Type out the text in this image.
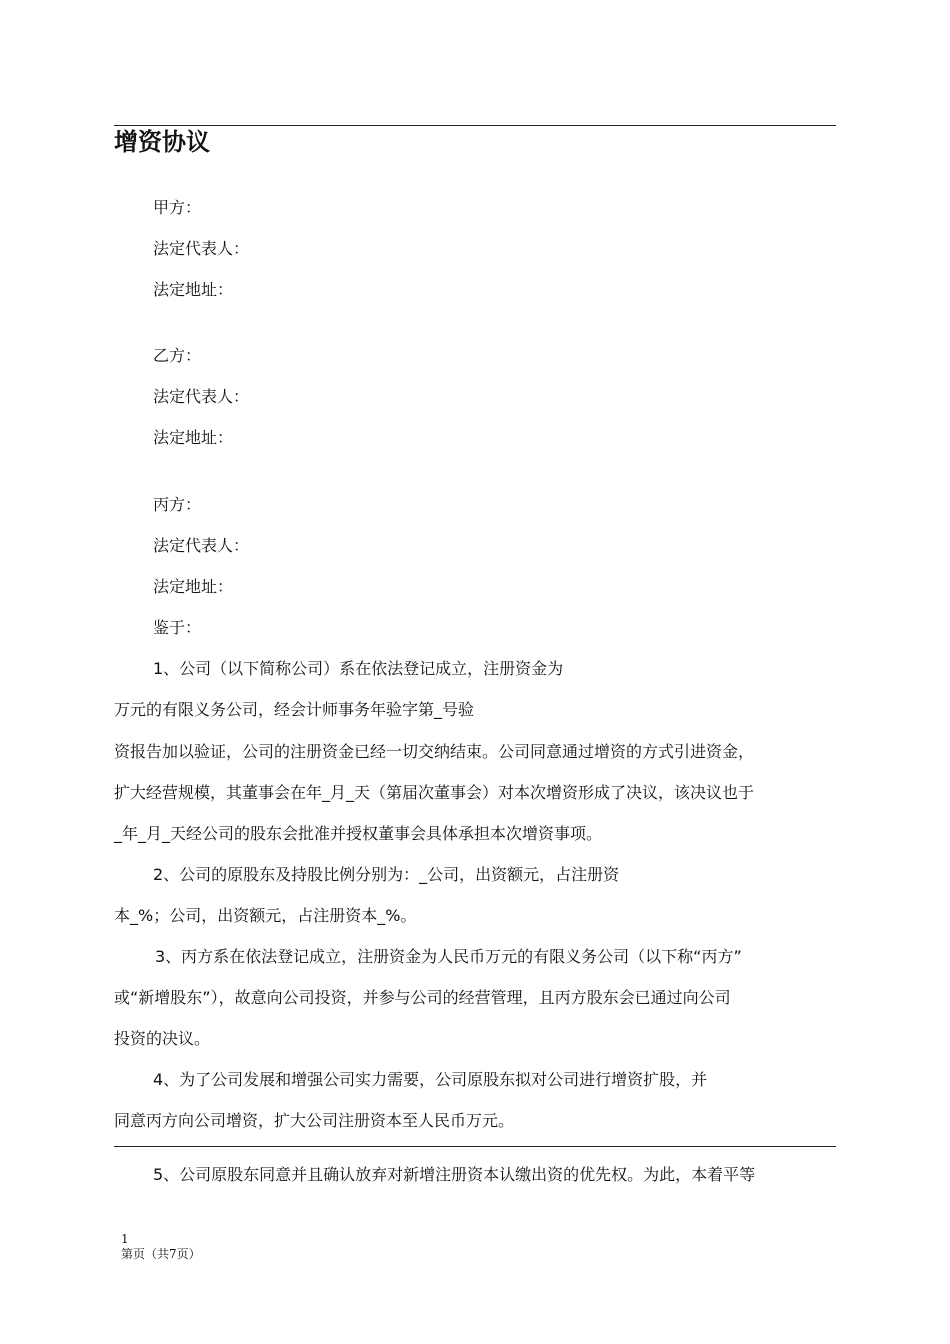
增资协议
甲方：
法定代表人：
法定地址：
乙方：
法定代表人：
法定地址：
丙方：
法定代表人：
法定地址：
鉴于：
1、公司（以下简称公司）系在依法登记成立，注册资金为
万元的有限义务公司，经会计师事务年验字第_号验
资报告加以验证，公司的注册资金已经一切交纳结束。公司同意通过增资的方式引进资金，
扩大经营规模，其董事会在年_月_天（第届次董事会）对本次增资形成了决议，该决议也于
_年_月_天经公司的股东会批准并授权董事会具体承担本次增资事项。
2、公司的原股东及持股比例分别为：_公司，出资额元，占注册资
本_%；公司，出资额元，占注册资本_%。
3、丙方系在依法登记成立，注册资金为人民币万元的有限义务公司（以下称“丙方”
或“新增股东”），故意向公司投资，并参与公司的经营管理，且丙方股东会已通过向公司
投资的决议。
4、为了公司发展和增强公司实力需要，公司原股东拟对公司进行增资扩股，并
同意丙方向公司增资，扩大公司注册资本至人民币万元。
5、公司原股东同意并且确认放弃对新增注册资本认缴出资的优先权。为此，本着平等
1
第页（共7页）
